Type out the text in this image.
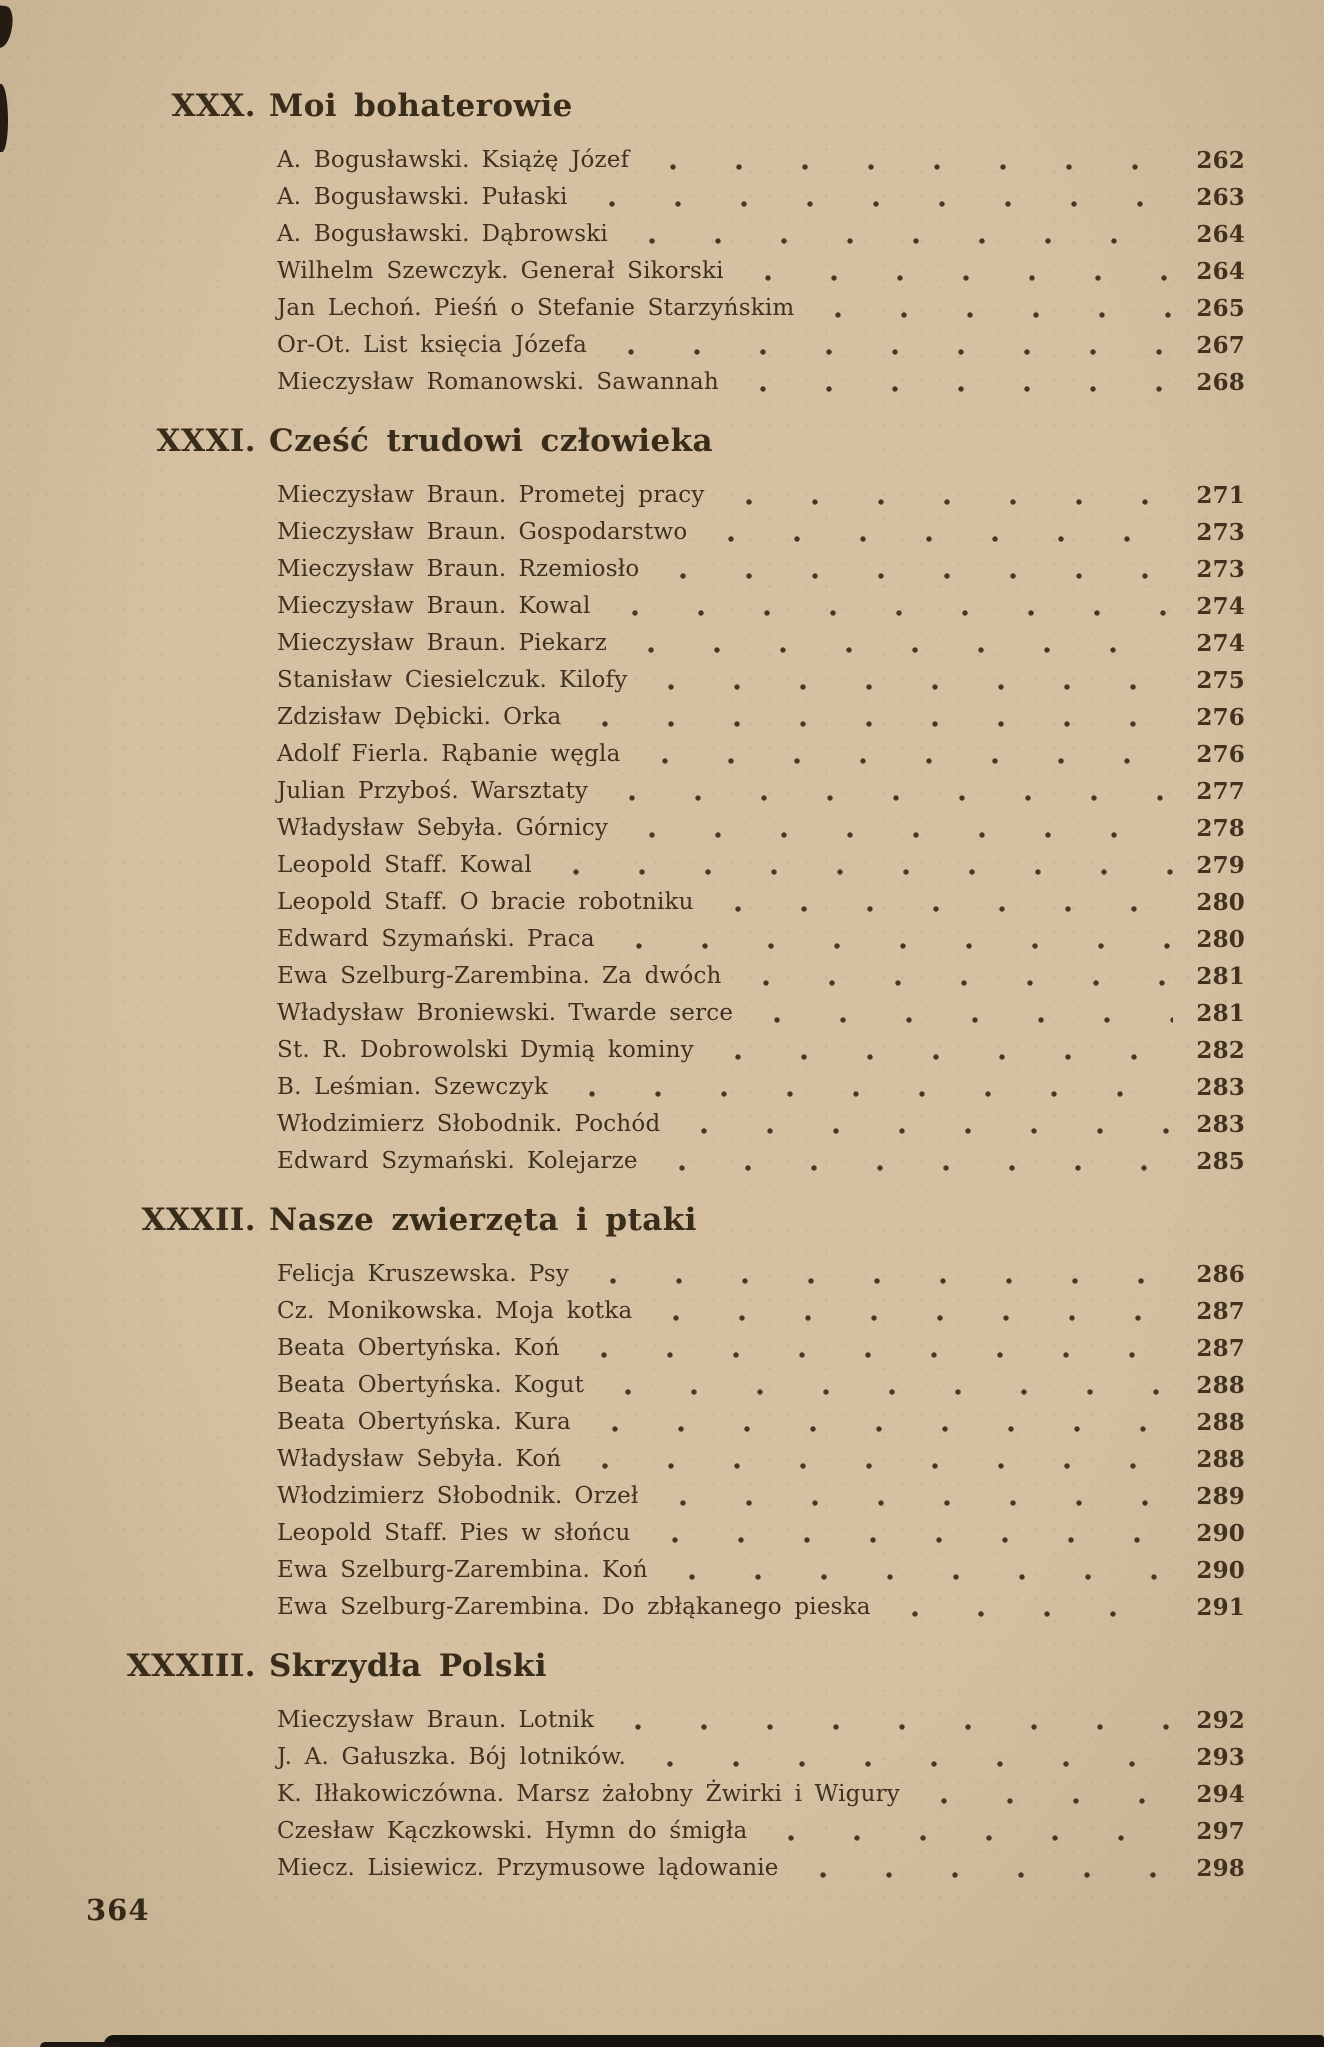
XXX. Moi bohaterowie
A. Bogusławski. Książę Józef	262
A. Bogusławski. Pułaski	263
A. Bogusławski. Dąbrowski	264
Wilhelm Szewczyk. Generał Sikorski	264
Jan Lechoń. Pieśń o Stefanie Starzyńskim	265
Or-Ot. List księcia Józefa	267
Mieczysław Romanowski. Sawannah	268
XXXI. Cześć trudowi człowieka
Mieczysław Braun. Prometej pracy	271
Mieczysław Braun. Gospodarstwo	273
Mieczysław Braun. Rzemiosło	273
Mieczysław Braun. Kowal	274
Mieczysław Braun. Piekarz	274
Stanisław Ciesielczuk. Kilofy	275
Zdzisław Dębicki. Orka	276
Adolf Fierla. Rąbanie węgla	276
Julian Przyboś. Warsztaty	277
Władysław Sebyła. Górnicy	278
Leopold Staff. Kowal	279
Leopold Staff. O bracie robotniku	280
Edward Szymański. Praca	280
Ewa Szelburg-Zarembina. Za dwóch	281
Władysław Broniewski. Twarde serce	281
St. R. Dobrowolski Dymią kominy	282
B. Leśmian. Szewczyk	283
Włodzimierz Słobodnik. Pochód	283
Edward Szymański. Kolejarze	285
XXXII. Nasze zwierzęta i ptaki
Felicja Kruszewska. Psy	286
Cz. Monikowska. Moja kotka	287
Beata Obertyńska. Koń	287
Beata Obertyńska. Kogut	288
Beata Obertyńska. Kura	288
Władysław Sebyła. Koń	288
Włodzimierz Słobodnik. Orzeł	289
Leopold Staff. Pies w słońcu	290
Ewa Szelburg-Zarembina. Koń	290
Ewa Szelburg-Zarembina. Do zbłąkanego pieska	291
XXXIII. Skrzydła Polski
Mieczysław Braun. Lotnik	292
J. A. Gałuszka. Bój lotników.	293
K. Iłłakowiczówna. Marsz żałobny Żwirki i Wigury	294
Czesław Kączkowski. Hymn do śmigła	297
Miecz. Lisiewicz. Przymusowe lądowanie	298
364
